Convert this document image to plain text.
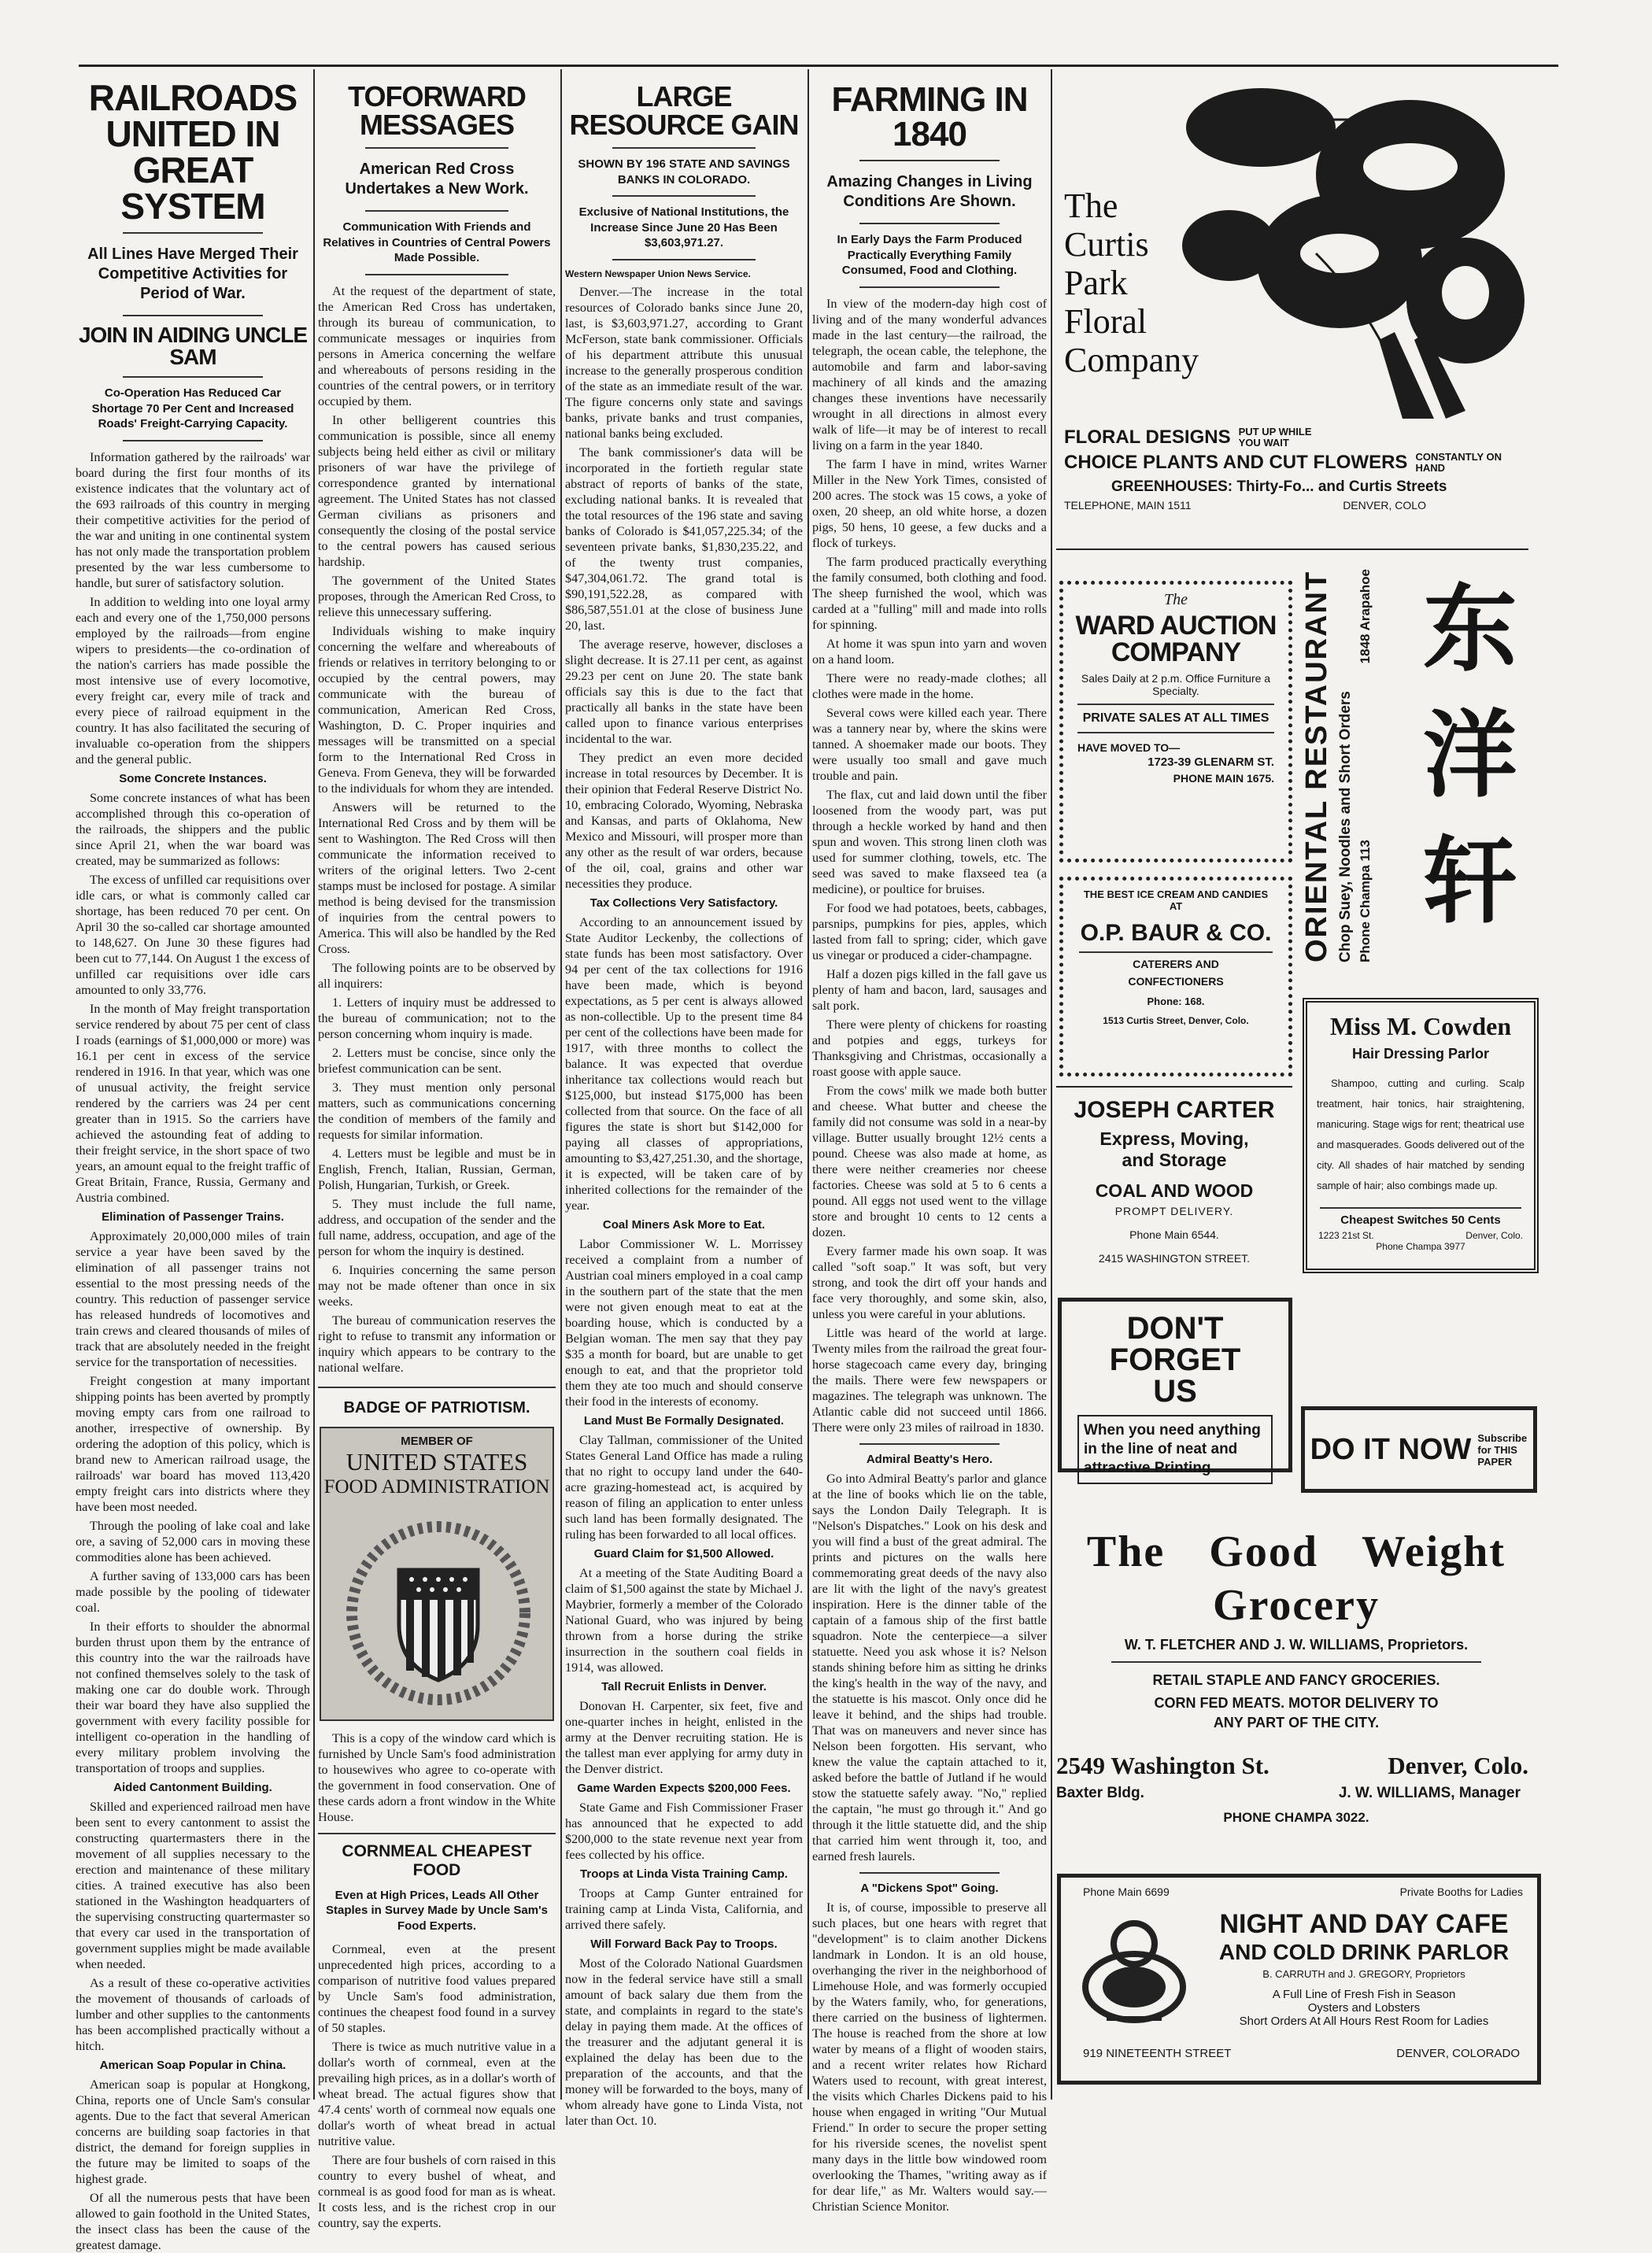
RAILROADS UNITED IN GREAT SYSTEM
All Lines Have Merged Their Competitive Activities for Period of War.
JOIN IN AIDING UNCLE SAM
Co-Operation Has Reduced Car Shortage 70 Per Cent and Increased Roads' Freight-Carrying Capacity.

Information gathered by the railroads' war board during the first four months of its existence indicates that the voluntary act of the 693 railroads of this country in merging their competitive activities for the period of the war and uniting in one continental system has not only made the transportation problem presented by the war less cumbersome to handle, but surer of satisfactory solution.

In addition to welding into one loyal army each and every one of the 1,750,000 persons employed by the railroads—from engine wipers to presidents—the co-ordination of the nation's carriers has made possible the most intensive use of every locomotive, every freight car, every mile of track and every piece of railroad equipment in the country. It has also facilitated the securing of invaluable co-operation from the shippers and the general public.

Some Concrete Instances.

Some concrete instances of what has been accomplished through this co-operation of the railroads, the shippers and the public since April 21, when the war board was created, may be summarized as follows:

The excess of unfilled car requisitions over idle cars, or what is commonly called car shortage, has been reduced 70 per cent. On April 30 the so-called car shortage amounted to 148,627. On June 30 these figures had been cut to 77,144. On August 1 the excess of unfilled car requisitions over idle cars amounted to only 33,776.

In the month of May freight transportation service rendered by about 75 per cent of class I roads (earnings of $1,000,000 or more) was 16.1 per cent in excess of the service rendered in 1916. In that year, which was one of unusual activity, the freight service rendered by the carriers was 24 per cent greater than in 1915. So the carriers have achieved the astounding feat of adding to their freight service, in the short space of two years, an amount equal to the freight traffic of Great Britain, France, Russia, Germany and Austria combined.

Elimination of Passenger Trains.

Approximately 20,000,000 miles of train service a year have been saved by the elimination of all passenger trains not essential to the most pressing needs of the country. This reduction of passenger service has released hundreds of locomotives and train crews and cleared thousands of miles of track that are absolutely needed in the freight service for the transportation of necessities.

Freight congestion at many important shipping points has been averted by promptly moving empty cars from one railroad to another, irrespective of ownership. By ordering the adoption of this policy, which is brand new to American railroad usage, the railroads' war board has moved 113,420 empty freight cars into districts where they have been most needed.

Through the pooling of lake coal and lake ore, a saving of 52,000 cars in moving these commodities alone has been achieved.

A further saving of 133,000 cars has been made possible by the pooling of tidewater coal.

In their efforts to shoulder the abnormal burden thrust upon them by the entrance of this country into the war the railroads have not confined themselves solely to the task of making one car do double work. Through their war board they have also supplied the government with every facility possible for intelligent co-operation in the handling of every military problem involving the transportation of troops and supplies.

Aided Cantonment Building.

Skilled and experienced railroad men have been sent to every cantonment to assist the constructing quartermasters there in the movement of all supplies necessary to the erection and maintenance of these military cities. A trained executive has also been stationed in the Washington headquarters of the supervising constructing quartermaster so that every car used in the transportation of government supplies might be made available when needed.

As a result of these co-operative activities the movement of thousands of carloads of lumber and other supplies to the cantonments has been accomplished practically without a hitch.

American Soap Popular in China.

American soap is popular at Hongkong, China, reports one of Uncle Sam's consular agents. Due to the fact that several American concerns are building soap factories in that district, the demand for foreign supplies in the future may be limited to soaps of the highest grade.

Of all the numerous pests that have been allowed to gain foothold in the United States, the insect class has been the cause of the greatest damage.

TOFORWARD MESSAGES
American Red Cross Undertakes a New Work.
Communication With Friends and Relatives in Countries of Central Powers Made Possible.

At the request of the department of state, the American Red Cross has undertaken, through its bureau of communication, to communicate messages or inquiries from persons in America concerning the welfare and whereabouts of persons residing in the countries of the central powers, or in territory occupied by them.

In other belligerent countries this communication is possible, since all enemy subjects being held either as civil or military prisoners of war have the privilege of correspondence granted by international agreement. The United States has not classed German civilians as prisoners and consequently the closing of the postal service to the central powers has caused serious hardship.

The government of the United States proposes, through the American Red Cross, to relieve this unnecessary suffering.

Individuals wishing to make inquiry concerning the welfare and whereabouts of friends or relatives in territory belonging to or occupied by the central powers, may communicate with the bureau of communication, American Red Cross, Washington, D. C. Proper inquiries and messages will be transmitted on a special form to the International Red Cross in Geneva. From Geneva, they will be forwarded to the individuals for whom they are intended.

Answers will be returned to the International Red Cross and by them will be sent to Washington. The Red Cross will then communicate the information received to writers of the original letters. Two 2-cent stamps must be inclosed for postage. A similar method is being devised for the transmission of inquiries from the central powers to America. This will also be handled by the Red Cross.

The following points are to be observed by all inquirers:

1. Letters of inquiry must be addressed to the bureau of communication; not to the person concerning whom inquiry is made.

2. Letters must be concise, since only the briefest communication can be sent.

3. They must mention only personal matters, such as communications concerning the condition of members of the family and requests for similar information.

4. Letters must be legible and must be in English, French, Italian, Russian, German, Polish, Hungarian, Turkish, or Greek.

5. They must include the full name, address, and occupation of the sender and the full name, address, occupation, and age of the person for whom the inquiry is destined.

6. Inquiries concerning the same person may not be made oftener than once in six weeks.

The bureau of communication reserves the right to refuse to transmit any information or inquiry which appears to be contrary to the national welfare.

BADGE OF PATRIOTISM.
MEMBER OF
UNITED STATES
FOOD ADMINISTRATION

This is a copy of the window card which is furnished by Uncle Sam's food administration to housewives who agree to co-operate with the government in food conservation. One of these cards adorn a front window in the White House.

CORNMEAL CHEAPEST FOOD
Even at High Prices, Leads All Other Staples in Survey Made by Uncle Sam's Food Experts.

Cornmeal, even at the present unprecedented high prices, according to a comparison of nutritive food values prepared by Uncle Sam's food administration, continues the cheapest food found in a survey of 50 staples.

There is twice as much nutritive value in a dollar's worth of cornmeal, even at the prevailing high prices, as in a dollar's worth of wheat bread. The actual figures show that 47.4 cents' worth of cornmeal now equals one dollar's worth of wheat bread in actual nutritive value.

There are four bushels of corn raised in this country to every bushel of wheat, and cornmeal is as good food for man as is wheat. It costs less, and is the richest crop in our country, say the experts.

LARGE RESOURCE GAIN
SHOWN BY 196 STATE AND SAVINGS BANKS IN COLORADO.
Exclusive of National Institutions, the Increase Since June 20 Has Been $3,603,971.27.
Western Newspaper Union News Service.

Denver.—The increase in the total resources of Colorado banks since June 20, last, is $3,603,971.27, according to Grant McFerson, state bank commissioner. Officials of his department attribute this unusual increase to the generally prosperous condition of the state as an immediate result of the war. The figure concerns only state and savings banks, private banks and trust companies, national banks being excluded.

The bank commissioner's data will be incorporated in the fortieth regular state abstract of reports of banks of the state, excluding national banks. It is revealed that the total resources of the 196 state and saving banks of Colorado is $41,057,225.34; of the seventeen private banks, $1,830,235.22, and of the twenty trust companies, $47,304,061.72. The grand total is $90,191,522.28, as compared with $86,587,551.01 at the close of business June 20, last.

The average reserve, however, discloses a slight decrease. It is 27.11 per cent, as against 29.23 per cent on June 20. The state bank officials say this is due to the fact that practically all banks in the state have been called upon to finance various enterprises incidental to the war.

They predict an even more decided increase in total resources by December. It is their opinion that Federal Reserve District No. 10, embracing Colorado, Wyoming, Nebraska and Kansas, and parts of Oklahoma, New Mexico and Missouri, will prosper more than any other as the result of war orders, because of the oil, coal, grains and other war necessities they produce.

Tax Collections Very Satisfactory.

According to an announcement issued by State Auditor Leckenby, the collections of state funds has been most satisfactory. Over 94 per cent of the tax collections for 1916 have been made, which is beyond expectations, as 5 per cent is always allowed as non-collectible. Up to the present time 84 per cent of the collections have been made for 1917, with three months to collect the balance. It was expected that overdue inheritance tax collections would reach but $125,000, but instead $175,000 has been collected from that source. On the face of all figures the state is short but $142,000 for paying all classes of appropriations, amounting to $3,427,251.30, and the shortage, it is expected, will be taken care of by inherited collections for the remainder of the year.

Coal Miners Ask More to Eat.

Labor Commissioner W. L. Morrissey received a complaint from a number of Austrian coal miners employed in a coal camp in the southern part of the state that the men were not given enough meat to eat at the boarding house, which is conducted by a Belgian woman. The men say that they pay $35 a month for board, but are unable to get enough to eat, and that the proprietor told them they ate too much and should conserve their food in the interests of economy.

Land Must Be Formally Designated.

Clay Tallman, commissioner of the United States General Land Office has made a ruling that no right to occupy land under the 640-acre grazing-homestead act, is acquired by reason of filing an application to enter unless such land has been formally designated. The ruling has been forwarded to all local offices.

Guard Claim for $1,500 Allowed.

At a meeting of the State Auditing Board a claim of $1,500 against the state by Michael J. Maybrier, formerly a member of the Colorado National Guard, who was injured by being thrown from a horse during the strike insurrection in the southern coal fields in 1914, was allowed.

Tall Recruit Enlists in Denver.

Donovan H. Carpenter, six feet, five and one-quarter inches in height, enlisted in the army at the Denver recruiting station. He is the tallest man ever applying for army duty in the Denver district.

Game Warden Expects $200,000 Fees.

State Game and Fish Commissioner Fraser has announced that he expected to add $200,000 to the state revenue next year from fees collected by his office.

Troops at Linda Vista Training Camp.

Troops at Camp Gunter entrained for training camp at Linda Vista, California, and arrived there safely.

Will Forward Back Pay to Troops.

Most of the Colorado National Guardsmen now in the federal service have still a small amount of back salary due them from the state, and complaints in regard to the state's delay in paying them made. At the offices of the treasurer and the adjutant general it is explained the delay has been due to the preparation of the accounts, and that the money will be forwarded to the boys, many of whom already have gone to Linda Vista, not later than Oct. 10.

FARMING IN 1840
Amazing Changes in Living Conditions Are Shown.
In Early Days the Farm Produced Practically Everything Family Consumed, Food and Clothing.

In view of the modern-day high cost of living and of the many wonderful advances made in the last century—the railroad, the telegraph, the ocean cable, the telephone, the automobile and farm and labor-saving machinery of all kinds and the amazing changes these inventions have necessarily wrought in all directions in almost every walk of life—it may be of interest to recall living on a farm in the year 1840.

The farm I have in mind, writes Warner Miller in the New York Times, consisted of 200 acres. The stock was 15 cows, a yoke of oxen, 20 sheep, an old white horse, a dozen pigs, 50 hens, 10 geese, a few ducks and a flock of turkeys.

The farm produced practically everything the family consumed, both clothing and food. The sheep furnished the wool, which was carded at a "fulling" mill and made into rolls for spinning.

At home it was spun into yarn and woven on a hand loom.

There were no ready-made clothes; all clothes were made in the home.

Several cows were killed each year. There was a tannery near by, where the skins were tanned. A shoemaker made our boots. They were usually too small and gave much trouble and pain.

The flax, cut and laid down until the fiber loosened from the woody part, was put through a heckle worked by hand and then spun and woven. This strong linen cloth was used for summer clothing, towels, etc. The seed was saved to make flaxseed tea (a medicine), or poultice for bruises.

For food we had potatoes, beets, cabbages, parsnips, pumpkins for pies, apples, which lasted from fall to spring; cider, which gave us vinegar or produced a cider-champagne.

Half a dozen pigs killed in the fall gave us plenty of ham and bacon, lard, sausages and salt pork.

There were plenty of chickens for roasting and potpies and eggs, turkeys for Thanksgiving and Christmas, occasionally a roast goose with apple sauce.

From the cows' milk we made both butter and cheese. What butter and cheese the family did not consume was sold in a near-by village. Butter usually brought 12½ cents a pound. Cheese was also made at home, as there were neither creameries nor cheese factories. Cheese was sold at 5 to 6 cents a pound. All eggs not used went to the village store and brought 10 cents to 12 cents a dozen.

Every farmer made his own soap. It was called "soft soap." It was soft, but very strong, and took the dirt off your hands and face very thoroughly, and some skin, also, unless you were careful in your ablutions.

Little was heard of the world at large. Twenty miles from the railroad the great four-horse stagecoach came every day, bringing the mails. There were few newspapers or magazines. The telegraph was unknown. The Atlantic cable did not succeed until 1866. There were only 23 miles of railroad in 1830.

Admiral Beatty's Hero.

Go into Admiral Beatty's parlor and glance at the line of books which lie on the table, says the London Daily Telegraph. It is "Nelson's Dispatches." Look on his desk and you will find a bust of the great admiral. The prints and pictures on the walls here commemorating great deeds of the navy also are lit with the light of the navy's greatest inspiration. Here is the dinner table of the captain of a famous ship of the first battle squadron. Note the centerpiece—a silver statuette. Need you ask whose it is? Nelson stands shining before him as sitting he drinks the king's health in the way of the navy, and the statuette is his mascot. Only once did he leave it behind, and the ships had trouble. That was on maneuvers and never since has Nelson been forgotten. His servant, who knew the value the captain attached to it, asked before the battle of Jutland if he would stow the statuette safely away. "No," replied the captain, "he must go through it." And go through it the little statuette did, and the ship that carried him went through it, too, and earned fresh laurels.

A "Dickens Spot" Going.

It is, of course, impossible to preserve all such places, but one hears with regret that "development" is to claim another Dickens landmark in London. It is an old house, overhanging the river in the neighborhood of Limehouse Hole, and was formerly occupied by the Waters family, who, for generations, there carried on the business of lightermen. The house is reached from the shore at low water by means of a flight of wooden stairs, and a recent writer relates how Richard Waters used to recount, with great interest, the visits which Charles Dickens paid to his house when engaged in writing "Our Mutual Friend." In order to secure the proper setting for his riverside scenes, the novelist spent many days in the little bow windowed room overlooking the Thames, "writing away as if for dear life," as Mr. Walters would say.—Christian Science Monitor.

The
Curtis
Park
Floral
Company
FLORAL DESIGNS PUT UP WHILE YOU WAIT
CHOICE PLANTS AND CUT FLOWERS CONSTANTLY ON HAND
GREENHOUSES: Thirty-Fo... and Curtis Streets
TELEPHONE, MAIN 1511	DENVER, COLO
The
WARD AUCTION COMPANY
Sales Daily at 2 p.m. Office Furniture a Specialty.
PRIVATE SALES AT ALL TIMES
HAVE MOVED TO—
1723-39 GLENARM ST.
PHONE MAIN 1675.
THE BEST ICE CREAM AND CANDIES AT
O.P. BAUR & CO.
CATERERS AND
CONFECTIONERS
Phone: 168.
1513 Curtis Street, Denver, Colo.
ORIENTAL RESTAURANT Chop Suey, Noodles and Short Orders Phone Champa 113
1848 Arapahoe 东
洋
轩
Miss M. Cowden
Hair Dressing Parlor
Shampoo, cutting and curling. Scalp treatment, hair tonics, hair straightening, manicuring. Stage wigs for rent; theatrical use and masquerades. Goods delivered out of the city. All shades of hair matched by sending sample of hair; also combings made up.
Cheapest Switches 50 Cents
1223 21st St.	Denver, Colo.
Phone Champa 3977
JOSEPH CARTER
Express, Moving,
and Storage
COAL AND WOOD
PROMPT DELIVERY.
Phone Main 6544.
2415 WASHINGTON STREET.
DON'T FORGET
US
When you need anything in the line of neat and attractive Printing.
DO IT NOW Subscribe for THIS PAPER
The Good Weight
Grocery
W. T. FLETCHER AND J. W. WILLIAMS, Proprietors.
RETAIL STAPLE AND FANCY GROCERIES.
CORN FED MEATS. MOTOR DELIVERY TO
ANY PART OF THE CITY.
2549 Washington St.	Denver, Colo.
Baxter Bldg.	J. W. WILLIAMS, Manager
PHONE CHAMPA 3022.
Phone Main 6699	Private Booths for Ladies
NIGHT AND DAY CAFE
AND COLD DRINK PARLOR
B. CARRUTH and J. GREGORY, Proprietors
A Full Line of Fresh Fish in Season
Oysters and Lobsters
Short Orders At All Hours Rest Room for Ladies
919 NINETEENTH STREET	DENVER, COLORADO
